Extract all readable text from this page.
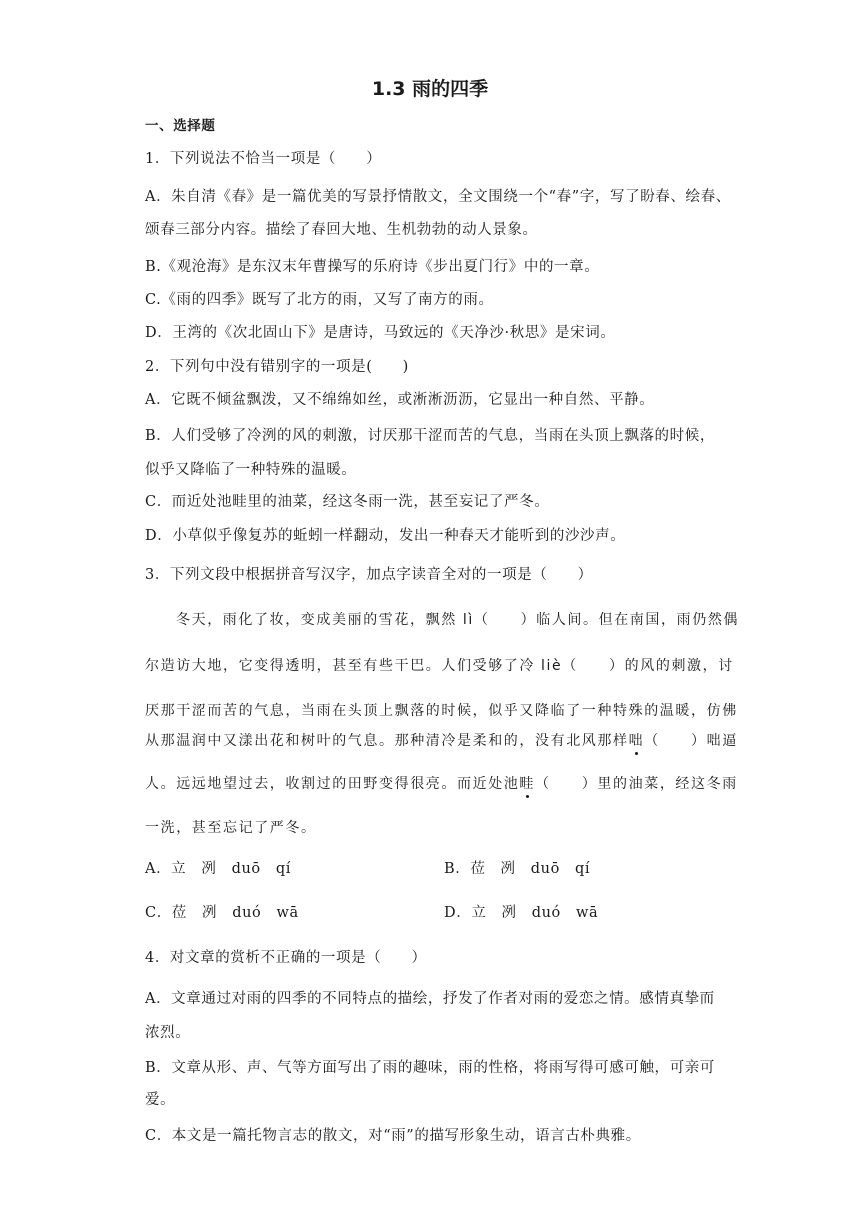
1.3 雨的四季
一、选择题
1．下列说法不恰当一项是（　　）
A．朱自清《春》是一篇优美的写景抒情散文，全文围绕一个“春”字，写了盼春、绘春、
颂春三部分内容。描绘了春回大地、生机勃勃的动人景象。
B.《观沧海》是东汉末年曹操写的乐府诗《步出夏门行》中的一章。
C.《雨的四季》既写了北方的雨，又写了南方的雨。
D．王湾的《次北固山下》是唐诗，马致远的《天净沙·秋思》是宋词。
2．下列句中没有错别字的一项是(　　)
A．它既不倾盆飘泼，又不绵绵如丝，或淅淅沥沥，它显出一种自然、平静。
B．人们受够了冷洌的风的刺激，讨厌那干涩而苦的气息，当雨在头顶上飘落的时候，
似乎又降临了一种特殊的温暖。
C．而近处池畦里的油菜，经这冬雨一洗，甚至妄记了严冬。
D．小草似乎像复苏的蚯蚓一样翻动，发出一种春天才能听到的沙沙声。
3．下列文段中根据拼音写汉字，加点字读音全对的一项是（　　）
冬天，雨化了妆，变成美丽的雪花，飘然 lì（　　）临人间。但在南国，雨仍然偶
尔造访大地，它变得透明，甚至有些干巴。人们受够了冷 liè（　　）的风的刺激，讨
厌那干涩而苦的气息，当雨在头顶上飘落的时候，似乎又降临了一种特殊的温暖，仿佛
从那温润中又漾出花和树叶的气息。那种清冷是柔和的，没有北风那样咄（　　）咄逼
人。远远地望过去，收割过的田野变得很亮。而近处池畦（　　）里的油菜，经这冬雨
一洗，甚至忘记了严冬。
A．立　冽　duō　qí	B．莅　冽　duō　qí
C．莅　冽　duó　wā	D．立　冽　duó　wā
4．对文章的赏析不正确的一项是（　　）
A．文章通过对雨的四季的不同特点的描绘，抒发了作者对雨的爱恋之情。感情真挚而
浓烈。
B．文章从形、声、气等方面写出了雨的趣味，雨的性格，将雨写得可感可触，可亲可
爱。
C．本文是一篇托物言志的散文，对“雨”的描写形象生动，语言古朴典雅。
